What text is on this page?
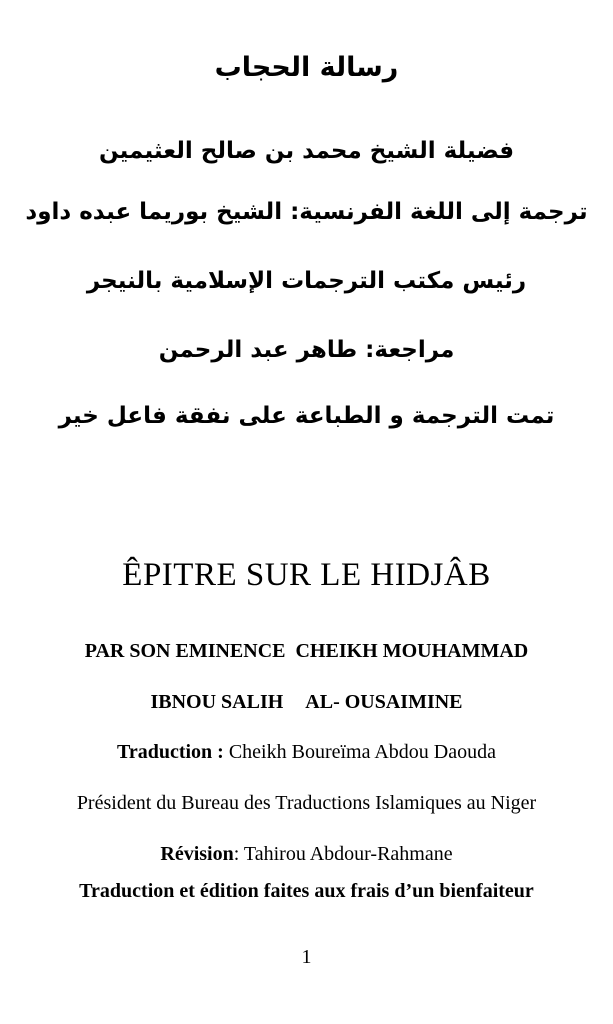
رسالة الحجاب
فضيلة الشيخ محمد بن صالح العثيمين
ترجمة إلى اللغة الفرنسية: الشيخ بوريما عبده داود
رئيس مكتب الترجمات الإسلامية بالنيجر
مراجعة: طاهر عبد الرحمن
تمت الترجمة و الطباعة على نفقة فاعل خير
ÊPITRE SUR LE HIDJÂB
PAR SON EMINENCE  CHEIKH MOUHAMMAD
IBNOU SALIH AL- OUSAIMINE
Traduction : Cheikh Boureïma Abdou Daouda
Président du Bureau des Traductions Islamiques au Niger
Révision: Tahirou Abdour-Rahmane
Traduction et édition faites aux frais d’un bienfaiteur
1
